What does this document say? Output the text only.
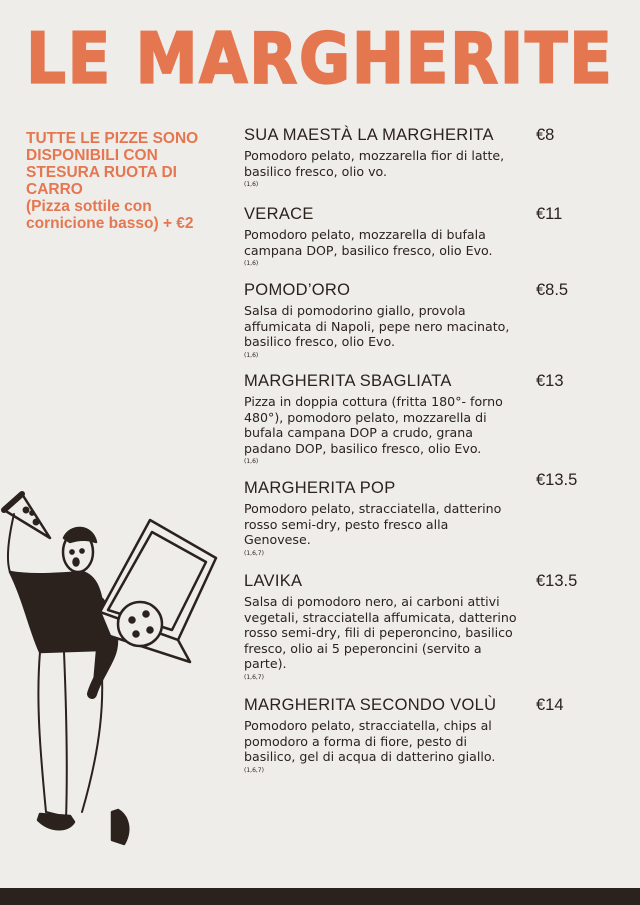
LE MARGHERITE
TUTTE LE PIZZE SONO DISPONIBILI CON STESURA RUOTA DI CARRO
(Pizza sottile con cornicione basso) + €2
SUA MAESTÀ LA MARGHERITA	€8
Pomodoro pelato, mozzarella fior di latte, basilico fresco, olio vo.
(1,6)
VERACE	€11
Pomodoro pelato, mozzarella di bufala campana DOP, basilico fresco, olio Evo.
(1,6)
POMOD’ORO	€8.5
Salsa di pomodorino giallo, provola affumicata di Napoli, pepe nero macinato, basilico fresco, olio Evo.
(1,6)
MARGHERITA SBAGLIATA	€13
Pizza in doppia cottura (fritta 180°- forno 480°), pomodoro pelato, mozzarella di bufala campana DOP a crudo, grana padano DOP, basilico fresco, olio Evo.
(1,6)
MARGHERITA POP	€13.5
Pomodoro pelato, stracciatella, datterino rosso semi-dry, pesto fresco alla Genovese.
(1,6,7)
LAVIKA	€13.5
Salsa di pomodoro nero, ai carboni attivi vegetali, stracciatella affumicata, datterino rosso semi-dry, fili di peperoncino, basilico fresco, olio ai 5 peperoncini (servito a parte).
(1,6,7)
MARGHERITA SECONDO VOLÙ	€14
Pomodoro pelato, stracciatella, chips al pomodoro a forma di fiore, pesto di basilico, gel di acqua di datterino giallo.
(1,6,7)
